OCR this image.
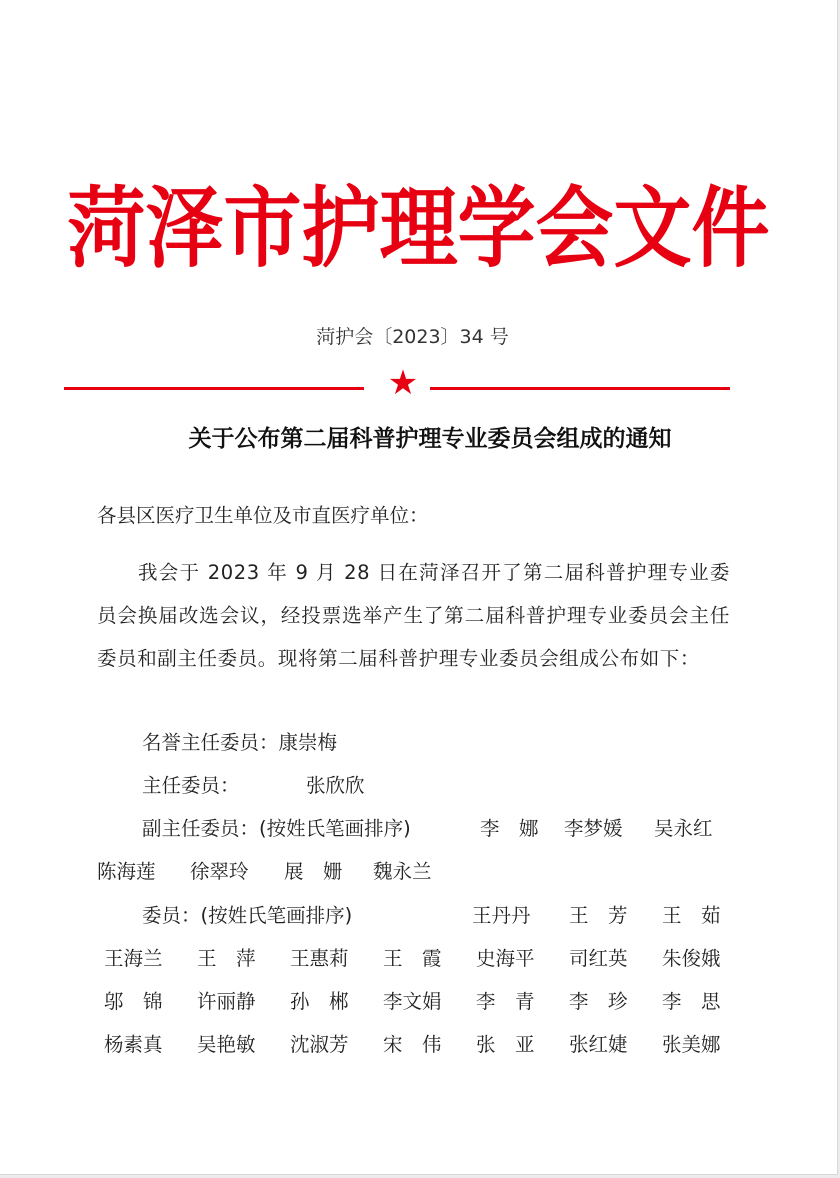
菏泽市护理学会文件
菏护会〔2023〕34 号
★
关于公布第二届科普护理专业委员会组成的通知
各县区医疗卫生单位及市直医疗单位：
我会于 2023 年 9 月 28 日在菏泽召开了第二届科普护理专业委员会换届改选会议，经投票选举产生了第二届科普护理专业委员会主任委员和副主任委员。现将第二届科普护理专业委员会组成公布如下：
名誉主任委员：康崇梅
主任委员：	张欣欣
副主任委员：(按姓氏笔画排序)	李　娜 李梦媛 吴永红
陈海莲 徐翠玲 展　姗 魏永兰
委员：(按姓氏笔画排序)	王丹丹 王　芳 王　茹
王海兰 王　萍 王惠莉 王　霞 史海平 司红英 朱俊娥
邬　锦 许丽静 孙　郴 李文娟 李　青 李　珍 李　思
杨素真 吴艳敏 沈淑芳 宋　伟 张　亚 张红婕 张美娜
